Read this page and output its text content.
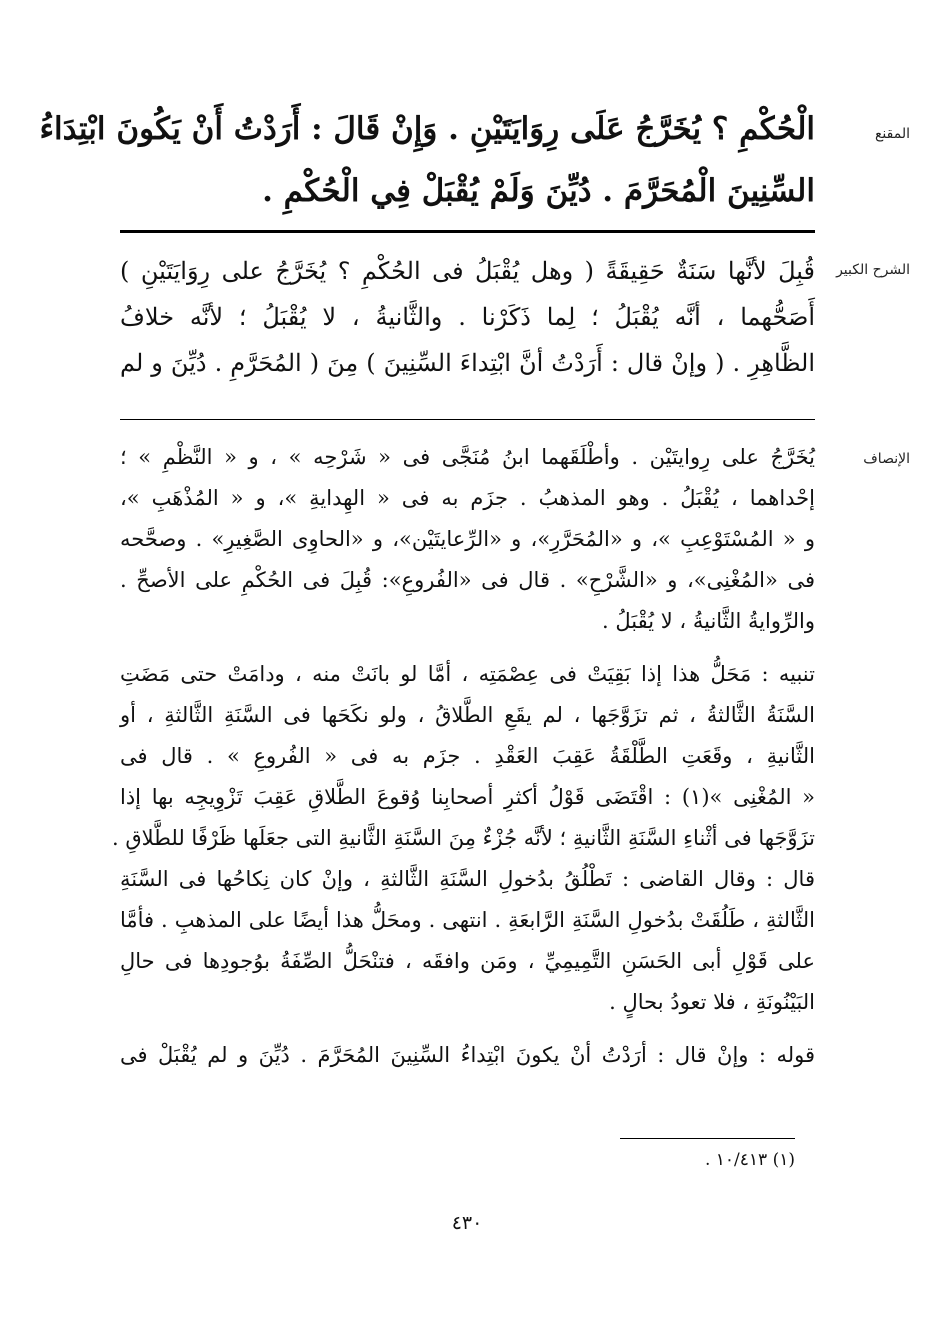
المقنع
الْحُكْمِ ؟ يُخَرَّجُ عَلَى رِوَايَتَيْنِ . وَإِنْ قَالَ : أَرَدْتُ أَنْ يَكُونَ ابْتِدَاءُ
السِّنِينَ الْمُحَرَّمَ . دُيِّنَ وَلَمْ يُقْبَلْ فِي الْحُكْمِ .
الشرح الكبير
قُبِلَ لأنَّها سَنَةٌ حَقِيقَةً ( وهل يُقْبَلُ فى الحُكْمِ ؟ يُخَرَّجُ على رِوَايَتَيْنِ )
أَصَحُّهما ، أنَّه يُقْبَلُ ؛ لِما ذَكَرْنا . والثَّانيةُ ، لا يُقْبَلُ ؛ لأنَّه خلافُ
الظَّاهِرِ . ( وإنْ قال : أَرَدْتُ أنَّ ابْتِداءَ السِّنِينَ ) مِنَ ( المُحَرَّمِ . دُيِّنَ و لم
الإنصاف
يُخَرَّجُ على رِوايتَيْن . وأطْلَقَهما ابنُ مُنَجَّى فى « شَرْحِه » ، و « النَّظْمِ » ؛
إحْداهما ، يُقْبَلُ . وهو المذهبُ . جزَم به فى « الهِدايةِ »، و « المُذْهَبِ »،
و « المُسْتَوْعِبِ »، و «المُحَرَّرِ»، و «الرِّعايتَيْن»، و «الحاوِى الصَّغِيرِ» . وصحَّحه
فى «المُغْنِى»، و «الشَّرْحِ» . قال فى «الفُروعِ»: قُبِلَ فى الحُكْمِ على الأصحِّ .
والرِّوايةُ الثَّانيةُ ، لا يُقْبَلُ .
تنبيه : مَحَلُّ هذا إذا بَقِيَتْ فى عِصْمَتِه ، أمَّا لو بانَتْ منه ، ودامَتْ حتى مَضَتِ
السَّنَةُ الثَّالثةُ ، ثم تزَوَّجَها ، لم يقَعِ الطَّلاقُ ، ولو نكَحَها فى السَّنَةِ الثَّالثةِ ، أو
الثَّانيةِ ، وقَعَتِ الطَّلْقَةُ عَقِبَ العَقْدِ . جزَم به فى « الفُروعِ » . قال فى
« المُغْنِى »(١) : اقْتَضَى قَوْلُ أكثرِ أصحابِنا وُقوعَ الطَّلاقِ عَقِبَ تَزْوِيجِه بها إذا
تزَوَّجَها فى أثْناءِ السَّنَةِ الثَّانيةِ ؛ لأنَّه جُزْءٌ مِنَ السَّنَةِ الثَّانيةِ التى جعَلَها ظَرْفًا للطَّلاقِ .
قال : وقال القاضى : تَطْلُقُ بدُخولِ السَّنَةِ الثَّالثةِ ، وإنْ كان نِكاحُها فى السَّنَةِ
الثَّالثةِ ، طَلُقَتْ بدُخولِ السَّنَةِ الرَّابعَةِ . انتهى . ومحَلُّ هذا أيضًا على المذهبِ . فأمَّا
على قَوْلِ أبى الحَسَنِ التَّمِيمِيِّ ، ومَن وافقَه ، فتنْحَلُّ الصِّفَةُ بوُجودِها فى حالِ
البَيْنُونَةِ ، فلا تعودُ بحالٍ .
قوله : وإنْ قال : أرَدْتُ أنْ يكونَ ابْتِداءُ السِّنِينَ المُحَرَّمَ . دُيِّنَ و لم يُقْبَلْ فى
(١) ١٠/٤١٣ .
٤٣٠
